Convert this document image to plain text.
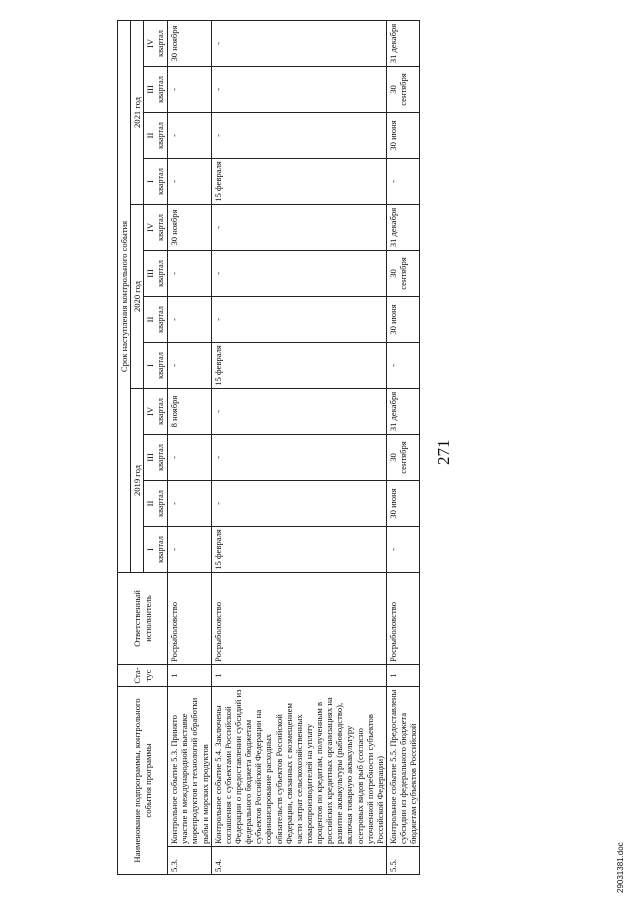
271
Наименование подпрограммы, контрольного события программы		Ста-тус	Ответственный исполнитель	Срок наступления контрольного события											
				2019 год				2020 год				2021 год			
				I
квартал	II
квартал	III
квартал	IV
квартал	I
квартал	II
квартал	III
квартал	IV
квартал	I
квартал	II
квартал	III
квартал	IV
квартал
5.3.	Контрольное событие 5.3. Принято участие в международной выставке морепродуктов и технологий обработки рыбы и морских продуктов	1	Росрыболовство	-	-	-	8 ноября	-	-	-	30 ноября	-	-	-	30 ноября
5.4.	Контрольное событие 5.4. Заключены соглашения с субъектами Российской Федерации о предоставлении субсидий из федерального бюджета бюджетам субъектов Российской Федерации на софинансирование расходных обязательств субъектов Российской Федерации, связанных с возмещением части затрат сельскохозяйственных товаропроизводителей на уплату процентов по кредитам, полученным в российских кредитных организациях на развитие аквакультуры (рыбоводство), включая товарную аквакультуру осетровых видов рыб (согласно уточненной потребности субъектов Российской Федерации)	1	Росрыболовство	15 февраля	-	-	-	15 февраля	-	-	-	15 февраля	-	-	-
5.5.	Контрольное событие 5.5. Предоставлены субсидии из федерального бюджета бюджетам субъектов Российской	1	Росрыболовство	-	30 июня	30 сентября	31 декабря	-	30 июня	30 сентября	31 декабря	-	30 июня	30 сентября	31 декабря
29031381.doc
